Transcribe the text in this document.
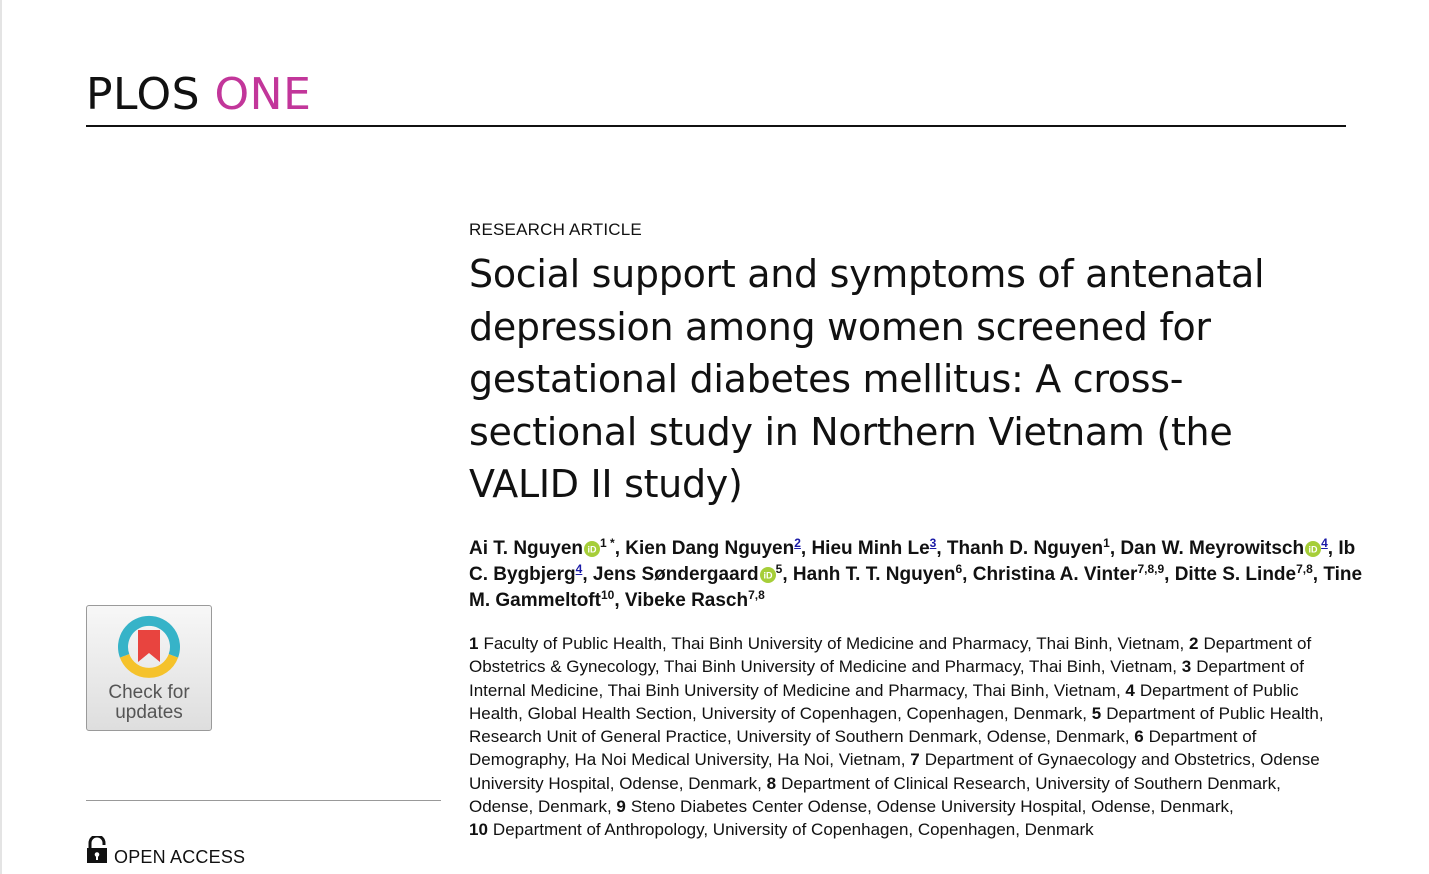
PLOS ONE
Check for
updates
OPEN ACCESS
RESEARCH ARTICLE
Social support and symptoms of antenatal depression among women screened for gestational diabetes mellitus: A cross-sectional study in Northern Vietnam (the VALID II study)
Ai T. Nguyen iD $^{1 *}$, Kien Dang Nguyen$^2$, Hieu Minh Le$^3$, Thanh D. Nguyen$^1$, Dan W. Meyrowitsch iD $^4$, Ib C. Bygbjerg$^4$, Jens Søndergaard iD $^5$, Hanh T. T. Nguyen$^6$, Christina A. Vinter$^{7,8,9}$, Ditte S. Linde$^{7,8}$, Tine M. Gammeltoft$^{10}$, Vibeke Rasch$^{7,8}$
1 Faculty of Public Health, Thai Binh University of Medicine and Pharmacy, Thai Binh, Vietnam, 2 Department of Obstetrics & Gynecology, Thai Binh University of Medicine and Pharmacy, Thai Binh, Vietnam, 3 Department of Internal Medicine, Thai Binh University of Medicine and Pharmacy, Thai Binh, Vietnam, 4 Department of Public Health, Global Health Section, University of Copenhagen, Copenhagen, Denmark, 5 Department of Public Health, Research Unit of General Practice, University of Southern Denmark, Odense, Denmark, 6 Department of Demography, Ha Noi Medical University, Ha Noi, Vietnam, 7 Department of Gynaecology and Obstetrics, Odense University Hospital, Odense, Denmark, 8 Department of Clinical Research, University of Southern Denmark, Odense, Denmark, 9 Steno Diabetes Center Odense, Odense University Hospital, Odense, Denmark, 10 Department of Anthropology, University of Copenhagen, Copenhagen, Denmark
